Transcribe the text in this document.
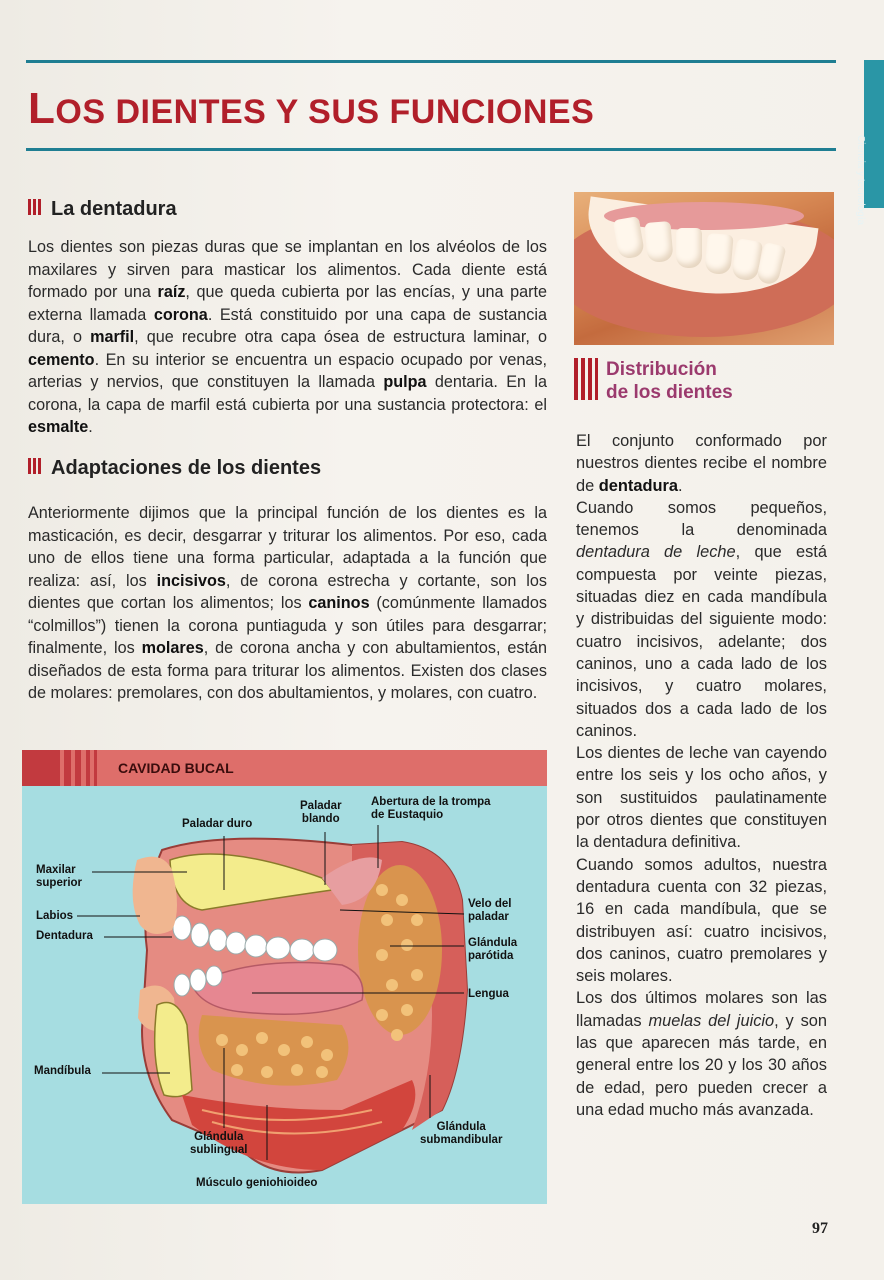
Ciencia y tecnología
LOS DIENTES Y SUS FUNCIONES
La dentadura
Los dientes son piezas duras que se implantan en los alvéolos de los maxilares y sirven para masticar los alimentos. Cada diente está formado por una raíz, que queda cubierta por las encías, y una parte externa llamada corona. Está constituido por una capa de sustancia dura, o marfil, que recubre otra capa ósea de estructura laminar, o cemento. En su interior se encuentra un espacio ocupado por venas, arterias y nervios, que constituyen la llamada pulpa dentaria. En la corona, la capa de marfil está cubierta por una sustancia protectora: el esmalte.
Adaptaciones de los dientes
Anteriormente dijimos que la principal función de los dientes es la masticación, es decir, desgarrar y triturar los alimentos. Por eso, cada uno de ellos tiene una forma particular, adaptada a la función que realiza: así, los incisivos, de corona estrecha y cortante, son los dientes que cortan los alimentos; los caninos (comúnmente llamados “colmillos”) tienen la corona puntiaguda y son útiles para desgarrar; finalmente, los molares, de corona ancha y con abultamientos, están diseñados de esta forma para triturar los alimentos. Existen dos clases de molares: premolares, con dos abultamientos, y molares, con cuatro.
Distribución
de los dientes
El conjunto conformado por nuestros dientes recibe el nombre de dentadura.
Cuando somos pequeños, tenemos la denominada dentadura de leche, que está compuesta por veinte piezas, situadas diez en cada mandíbula y distribuidas del siguiente modo: cuatro incisivos, adelante; dos caninos, uno a cada lado de los incisivos, y cuatro molares, situados dos a cada lado de los caninos.
Los dientes de leche van cayendo entre los seis y los ocho años, y son sustituidos paulatinamente por otros dientes que constituyen la dentadura definitiva.
Cuando somos adultos, nuestra dentadura cuenta con 32 piezas, 16 en cada mandíbula, que se distribuyen así: cuatro incisivos, dos caninos, cuatro premolares y seis molares.
Los dos últimos molares son las llamadas muelas del juicio, y son las que aparecen más tarde, en general entre los 20 y los 30 años de edad, pero pueden crecer a una edad mucho más avanzada.
CAVIDAD BUCAL
Paladar duro
Paladar
blando
Abertura de la trompa
de Eustaquio
Maxilar
superior
Labios
Dentadura
Velo del
paladar
Glándula
parótida
Lengua
Mandíbula
Glándula
sublingual
Glándula
submandibular
Músculo geniohioideo
97
